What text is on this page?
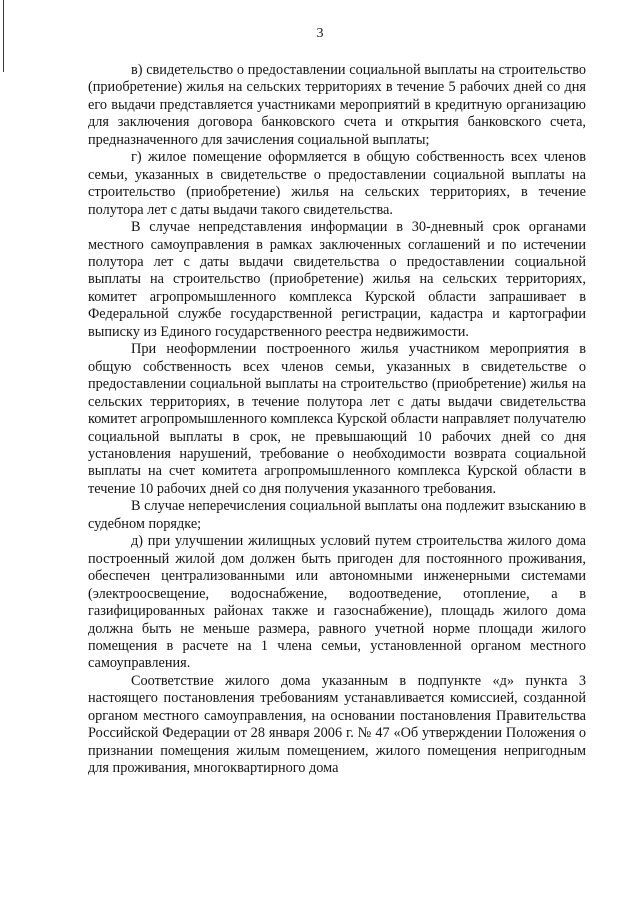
3

в) свидетельство о предоставлении социальной выплаты на строительство (приобретение) жилья на сельских территориях в течение 5 рабочих дней со дня его выдачи представляется участниками мероприятий в кредитную организацию для заключения договора банковского счета и открытия банковского счета, предназначенного для зачисления социальной выплаты;

г) жилое помещение оформляется в общую собственность всех членов семьи, указанных в свидетельстве о предоставлении социальной выплаты на строительство (приобретение) жилья на сельских территориях, в течение полутора лет с даты выдачи такого свидетельства.

В случае непредставления информации в 30-дневный срок органами местного самоуправления в рамках заключенных соглашений и по истечении полутора лет с даты выдачи свидетельства о предоставлении социальной выплаты на строительство (приобретение) жилья на сельских территориях, комитет агропромышленного комплекса Курской области запрашивает в Федеральной службе государственной регистрации, кадастра и картографии выписку из Единого государственного реестра недвижимости.

При неоформлении построенного жилья участником мероприятия в общую собственность всех членов семьи, указанных в свидетельстве о предоставлении социальной выплаты на строительство (приобретение) жилья на сельских территориях, в течение полутора лет с даты выдачи свидетельства комитет агропромышленного комплекса Курской области направляет получателю социальной выплаты в срок, не превышающий 10 рабочих дней со дня установления нарушений, требование о необходимости возврата социальной выплаты на счет комитета агропромышленного комплекса Курской области в течение 10 рабочих дней со дня получения указанного требования.

В случае неперечисления социальной выплаты она подлежит взысканию в судебном порядке;

д) при улучшении жилищных условий путем строительства жилого дома построенный жилой дом должен быть пригоден для постоянного проживания, обеспечен централизованными или автономными инженерными системами (электроосвещение, водоснабжение, водоотведение, отопление, а в газифицированных районах также и газоснабжение), площадь жилого дома должна быть не меньше размера, равного учетной норме площади жилого помещения в расчете на 1 члена семьи, установленной органом местного самоуправления.

Соответствие жилого дома указанным в подпункте «д» пункта 3 настоящего постановления требованиям устанавливается комиссией, созданной органом местного самоуправления, на основании постановления Правительства Российской Федерации от 28 января 2006 г. № 47 «Об утверждении Положения о признании помещения жилым помещением, жилого помещения непригодным для проживания, многоквартирного дома
